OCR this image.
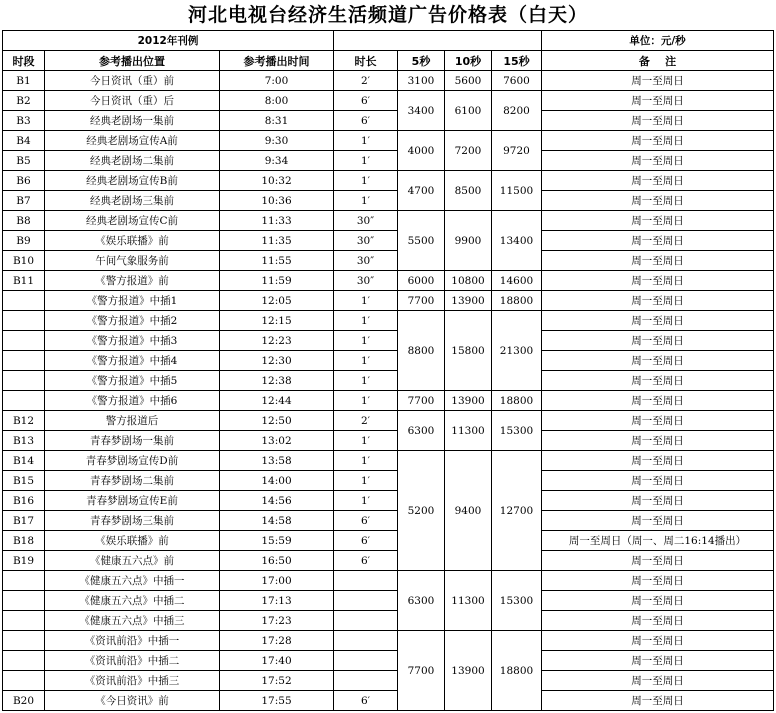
河北电视台经济生活频道广告价格表（白天）
2012年刊例							单位：元/秒
时段	参考播出位置	参考播出时间	时长	5秒	10秒	15秒	备    注
B1	今日资讯（重）前	7:00	2′	3100	5600	7600	周一至周日
B2	今日资讯（重）后	8:00	6′	3400	6100	8200	周一至周日
B3	经典老剧场一集前	8:31	6′				周一至周日
B4	经典老剧场宣传A前	9:30	1′	4000	7200	9720	周一至周日
B5	经典老剧场二集前	9:34	1′				周一至周日
B6	经典老剧场宣传B前	10:32	1′	4700	8500	11500	周一至周日
B7	经典老剧场三集前	10:36	1′				周一至周日
B8	经典老剧场宣传C前	11:33	30″	5500	9900	13400	周一至周日
B9	《娱乐联播》前	11:35	30″				周一至周日
B10	午间气象服务前	11:55	30″				周一至周日
B11	《警方报道》前	11:59	30″	6000	10800	14600	周一至周日
	《警方报道》中插1	12:05	1′	7700	13900	18800	周一至周日
	《警方报道》中插2	12:15	1′	8800	15800	21300	周一至周日
	《警方报道》中插3	12:23	1′				周一至周日
	《警方报道》中插4	12:30	1′				周一至周日
	《警方报道》中插5	12:38	1′				周一至周日
	《警方报道》中插6	12:44	1′	7700	13900	18800	周一至周日
B12	警方报道后	12:50	2′	6300	11300	15300	周一至周日
B13	青春梦剧场一集前	13:02	1′				周一至周日
B14	青春梦剧场宣传D前	13:58	1′	5200	9400	12700	周一至周日
B15	青春梦剧场二集前	14:00	1′				周一至周日
B16	青春梦剧场宣传E前	14:56	1′				周一至周日
B17	青春梦剧场三集前	14:58	6′				周一至周日
B18	《娱乐联播》前	15:59	6′				周一至周日（周一、周二16:14播出）
B19	《健康五六点》前	16:50	6′				周一至周日
	《健康五六点》中插一	17:00		6300	11300	15300	周一至周日
	《健康五六点》中插二	17:13					周一至周日
	《健康五六点》中插三	17:23					周一至周日
	《资讯前沿》中插一	17:28		7700	13900	18800	周一至周日
	《资讯前沿》中插二	17:40					周一至周日
	《资讯前沿》中插三	17:52					周一至周日
B20	《今日资讯》前	17:55	6′				周一至周日
